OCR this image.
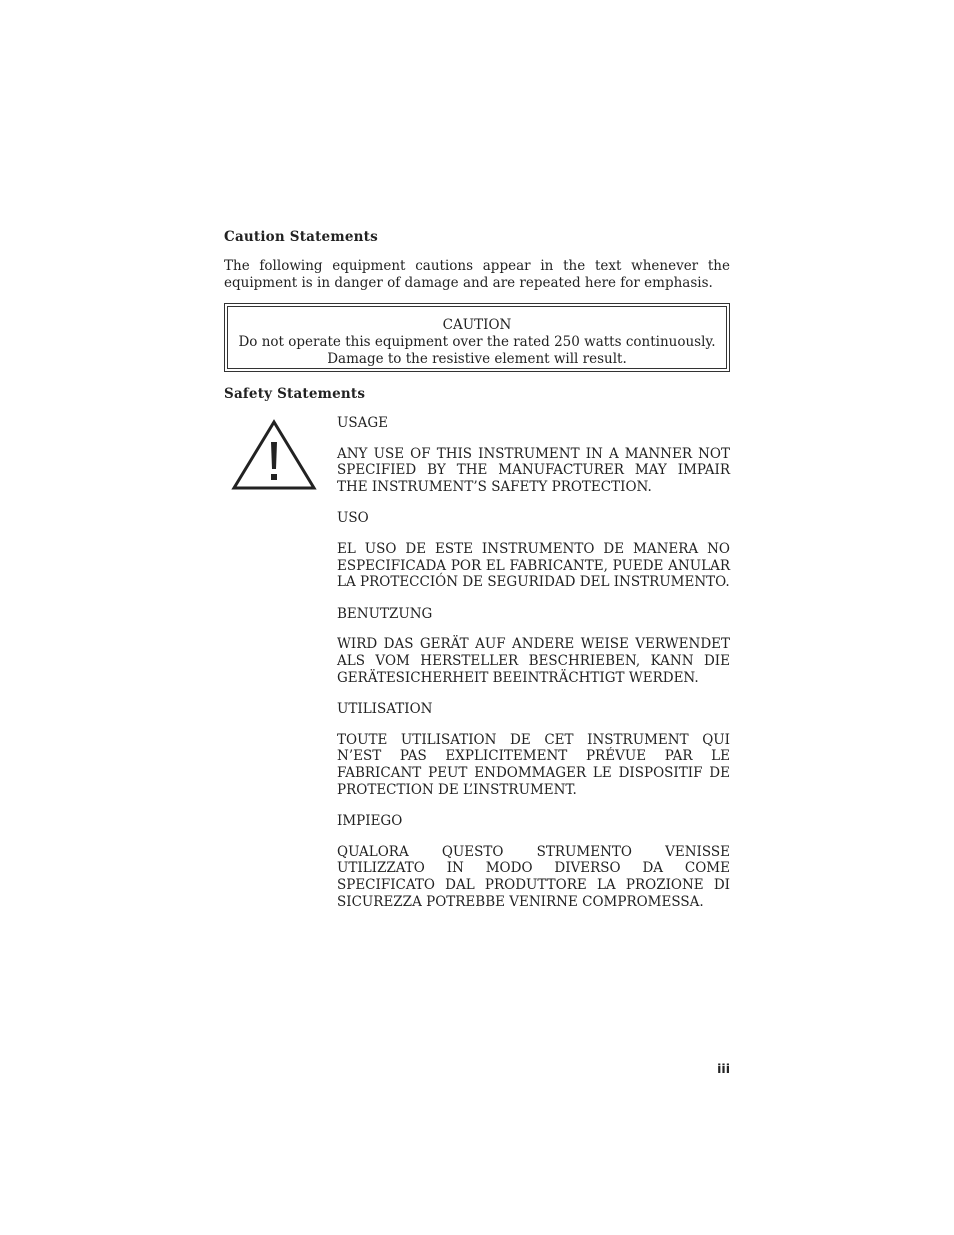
Caution Statements

The following equipment cautions appear in the text whenever the equipment is in danger of damage and are repeated here for emphasis.

CAUTION
Do not operate this equipment over the rated 250 watts continuously.
Damage to the resistive element will result.
Safety Statements

USAGE

ANY USE OF THIS INSTRUMENT IN A MANNER NOT SPECIFIED BY THE MANUFACTURER MAY IMPAIR THE INSTRUMENT’S SAFETY PROTECTION.

USO

EL USO DE ESTE INSTRUMENTO DE MANERA NO ESPECIFICADA POR EL FABRICANTE, PUEDE ANULAR LA PROTECCIÓN DE SEGURIDAD DEL INSTRUMENTO.

BENUTZUNG

WIRD DAS GERÄT AUF ANDERE WEISE VERWENDET ALS VOM HERSTELLER BESCHRIEBEN, KANN DIE GERÄTESICHERHEIT BEEINTRÄCHTIGT WERDEN.

UTILISATION

TOUTE UTILISATION DE CET INSTRUMENT QUI N’EST PAS EXPLICITEMENT PRÉVUE PAR LE FABRICANT PEUT ENDOMMAGER LE DISPOSITIF DE PROTECTION DE L’INSTRUMENT.

IMPIEGO

QUALORA QUESTO STRUMENTO VENISSE UTILIZZATO IN MODO DIVERSO DA COME SPECIFICATO DAL PRODUTTORE LA PROZIONE DI SICUREZZA POTREBBE VENIRNE COMPROMESSA.

iii
